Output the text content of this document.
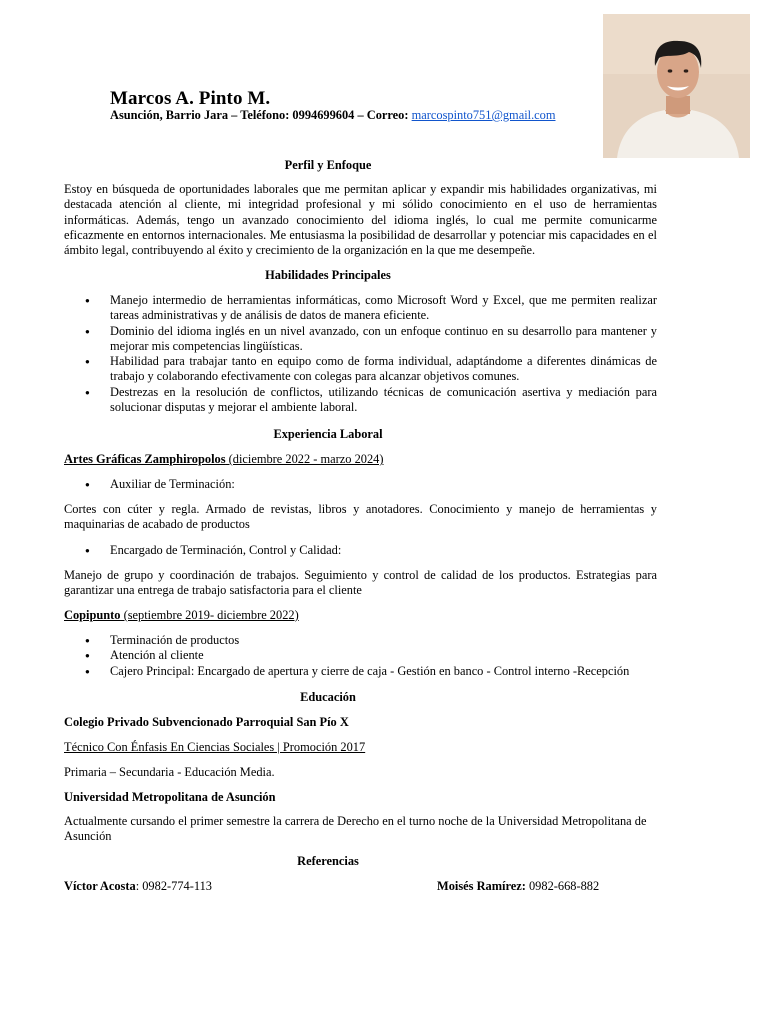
Marcos A. Pinto M.
Asunción, Barrio Jara – Teléfono: 0994699604 – Correo: marcospinto751@gmail.com
Perfil y Enfoque
Estoy en búsqueda de oportunidades laborales que me permitan aplicar y expandir mis habilidades organizativas, mi destacada atención al cliente, mi integridad profesional y mi sólido conocimiento en el uso de herramientas informáticas. Además, tengo un avanzado conocimiento del idioma inglés, lo cual me permite comunicarme eficazmente en entornos internacionales. Me entusiasma la posibilidad de desarrollar y potenciar mis capacidades en el ámbito legal, contribuyendo al éxito y crecimiento de la organización en la que me desempeñe.
Habilidades Principales
● Manejo intermedio de herramientas informáticas, como Microsoft Word y Excel, que me permiten realizar tareas administrativas y de análisis de datos de manera eficiente.
● Dominio del idioma inglés en un nivel avanzado, con un enfoque continuo en su desarrollo para mantener y mejorar mis competencias lingüísticas.
● Habilidad para trabajar tanto en equipo como de forma individual, adaptándome a diferentes dinámicas de trabajo y colaborando efectivamente con colegas para alcanzar objetivos comunes.
● Destrezas en la resolución de conflictos, utilizando técnicas de comunicación asertiva y mediación para solucionar disputas y mejorar el ambiente laboral.
Experiencia Laboral
Artes Gráficas Zamphiropolos (diciembre 2022 - marzo 2024)
● Auxiliar de Terminación:
Cortes con cúter y regla. Armado de revistas, libros y anotadores. Conocimiento y manejo de herramientas y maquinarias de acabado de productos
● Encargado de Terminación, Control y Calidad:
Manejo de grupo y coordinación de trabajos. Seguimiento y control de calidad de los productos. Estrategias para garantizar una entrega de trabajo satisfactoria para el cliente
Copipunto (septiembre 2019- diciembre 2022)
● Terminación de productos
● Atención al cliente
● Cajero Principal: Encargado de apertura y cierre de caja - Gestión en banco - Control interno -Recepción
Educación
Colegio Privado Subvencionado Parroquial San Pío X
Técnico Con Énfasis En Ciencias Sociales | Promoción 2017
Primaria – Secundaria - Educación Media.
Universidad Metropolitana de Asunción
Actualmente cursando el primer semestre la carrera de Derecho en el turno noche de la Universidad Metropolitana de Asunción
Referencias
Víctor Acosta: 0982-774-113	Moisés Ramírez: 0982-668-882
